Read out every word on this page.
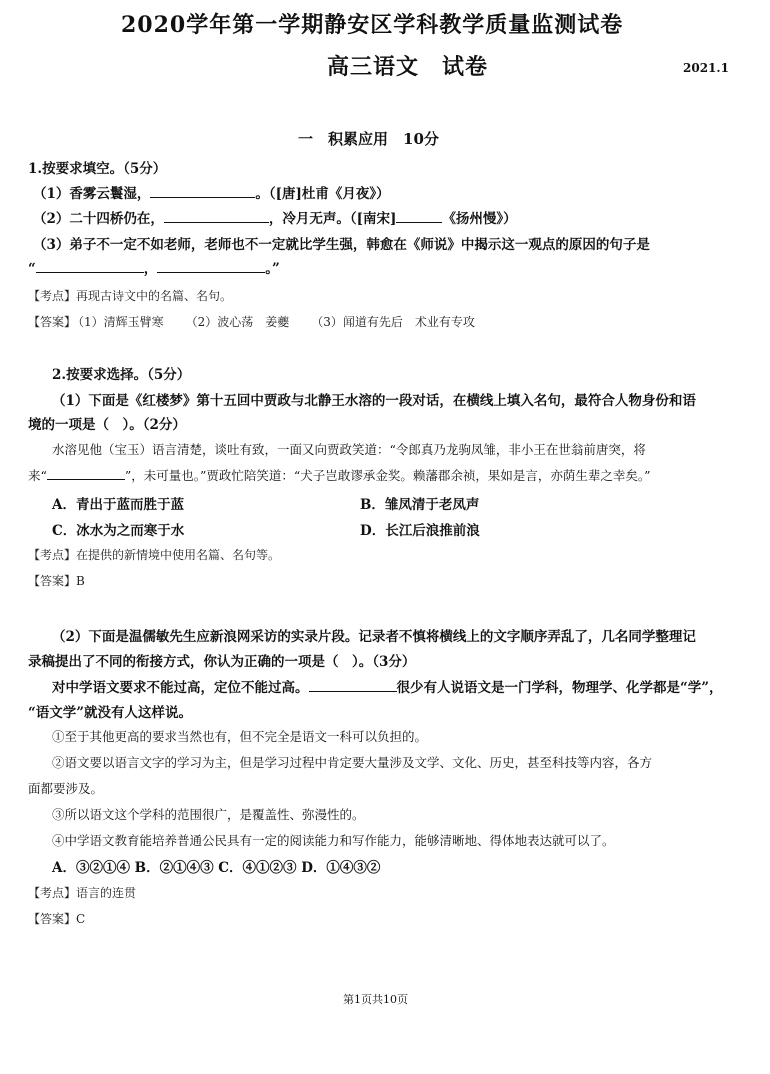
2020学年第一学期静安区学科教学质量监测试卷
高三语文　试卷	2021.1
一　积累应用　10分
1.按要求填空。（5分）
（1）香雾云鬟湿，	。（[唐]杜甫《月夜》）
（2）二十四桥仍在，	，冷月无声。（[南宋]	《扬州慢》）
（3）弟子不一定不如老师，老师也不一定就比学生强，韩愈在《师说》中揭示这一观点的原因的句子是
“	，	。”
【考点】再现古诗文中的名篇、名句。
【答案】 （1）清辉玉臂寒 （2）波心荡　姜夔 （3）闻道有先后　术业有专攻
2.按要求选择。（5分）
（1）下面是《红楼梦》第十五回中贾政与北静王水溶的一段对话，在横线上填入名句，最符合人物身份和语
境的一项是（　）。（2分）
水溶见他（宝玉）语言清楚，谈吐有致，一面又向贾政笑道：“令郎真乃龙驹凤雏，非小王在世翁前唐突，将
来“	”，未可量也。”贾政忙陪笑道：“犬子岂敢谬承金奖。赖藩郡余祯，果如是言，亦荫生辈之幸矣。”
A．青出于蓝而胜于蓝	B．雏凤清于老凤声
C．冰水为之而寒于水	D．长江后浪推前浪
【考点】在提供的新情境中使用名篇、名句等。
【答案】B
（2）下面是温儒敏先生应新浪网采访的实录片段。记录者不慎将横线上的文字顺序弄乱了，几名同学整理记
录稿提出了不同的衔接方式，你认为正确的一项是（　）。（3分）
对中学语文要求不能过高，定位不能过高。	很少有人说语文是一门学科，物理学、化学都是“学”，
“语文学”就没有人这样说。
①至于其他更高的要求当然也有，但不完全是语文一科可以负担的。
②语文要以语言文字的学习为主，但是学习过程中肯定要大量涉及文学、文化、历史，甚至科技等内容，各方
面都要涉及。
③所以语文这个学科的范围很广，是覆盖性、弥漫性的。
④中学语文教育能培养普通公民具有一定的阅读能力和写作能力，能够清晰地、得体地表达就可以了。
A．③②①④ B．②①④③ C．④①②③ D．①④③②
【考点】语言的连贯
【答案】C
第1页共10页
